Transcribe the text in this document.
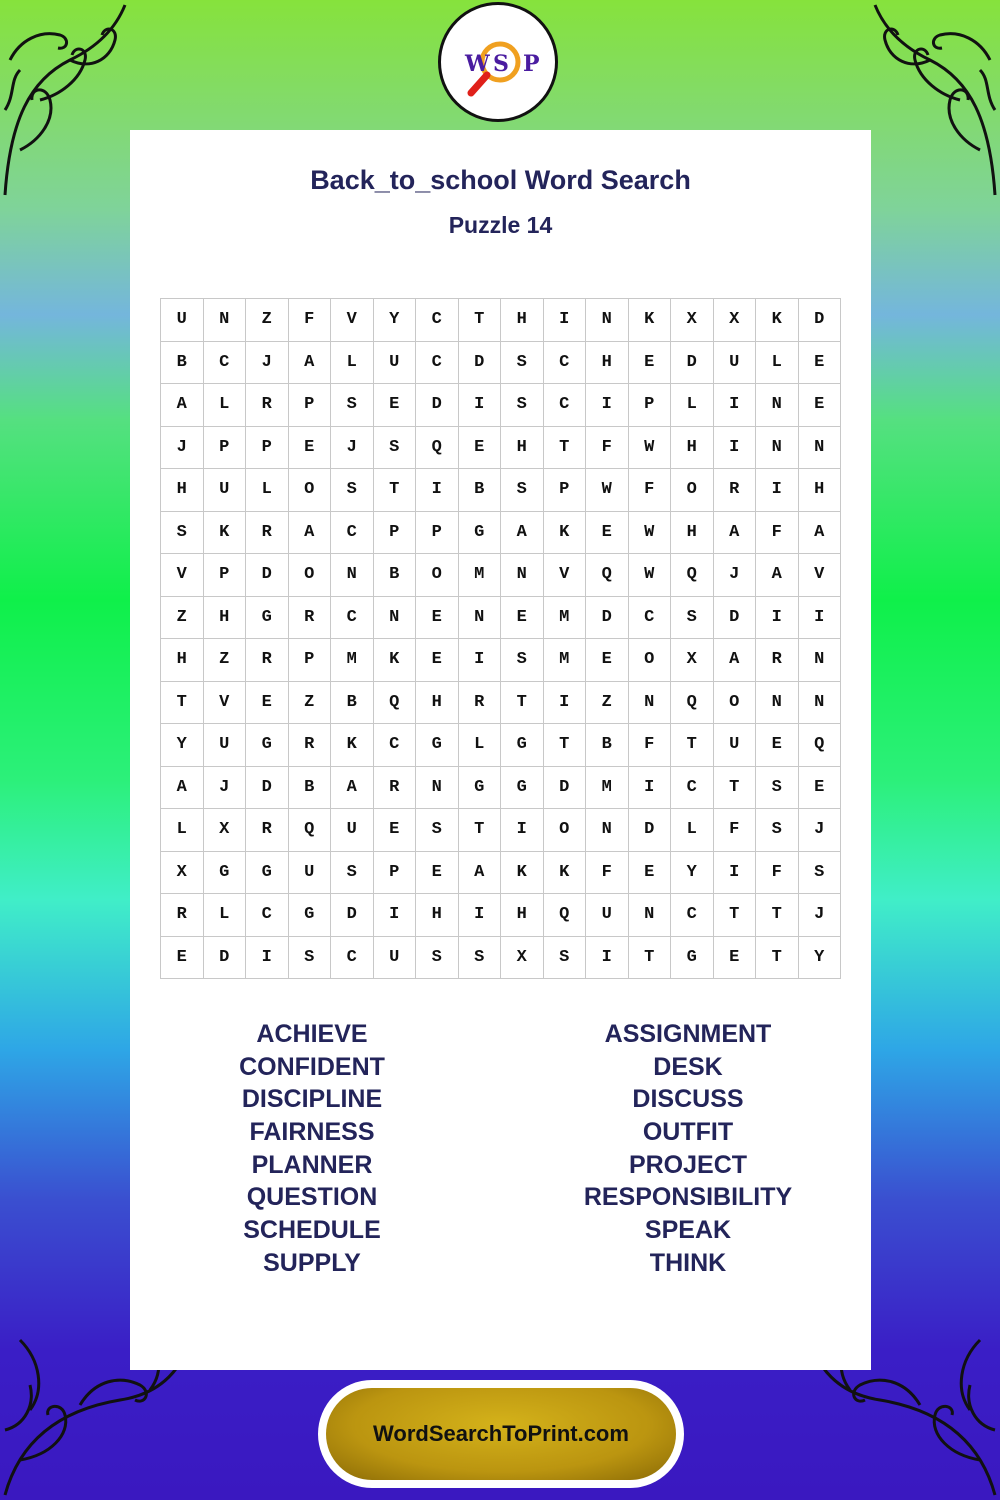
W S P
Back_to_school Word Search
Puzzle 14
U	N	Z	F	V	Y	C	T	H	I	N	K	X	X	K	D
B	C	J	A	L	U	C	D	S	C	H	E	D	U	L	E
A	L	R	P	S	E	D	I	S	C	I	P	L	I	N	E
J	P	P	E	J	S	Q	E	H	T	F	W	H	I	N	N
H	U	L	O	S	T	I	B	S	P	W	F	O	R	I	H
S	K	R	A	C	P	P	G	A	K	E	W	H	A	F	A
V	P	D	O	N	B	O	M	N	V	Q	W	Q	J	A	V
Z	H	G	R	C	N	E	N	E	M	D	C	S	D	I	I
H	Z	R	P	M	K	E	I	S	M	E	O	X	A	R	N
T	V	E	Z	B	Q	H	R	T	I	Z	N	Q	O	N	N
Y	U	G	R	K	C	G	L	G	T	B	F	T	U	E	Q
A	J	D	B	A	R	N	G	G	D	M	I	C	T	S	E
L	X	R	Q	U	E	S	T	I	O	N	D	L	F	S	J
X	G	G	U	S	P	E	A	K	K	F	E	Y	I	F	S
R	L	C	G	D	I	H	I	H	Q	U	N	C	T	T	J
E	D	I	S	C	U	S	S	X	S	I	T	G	E	T	Y
ACHIEVE
CONFIDENT
DISCIPLINE
FAIRNESS
PLANNER
QUESTION
SCHEDULE
SUPPLY
ASSIGNMENT
DESK
DISCUSS
OUTFIT
PROJECT
RESPONSIBILITY
SPEAK
THINK
WordSearchToPrint.com
